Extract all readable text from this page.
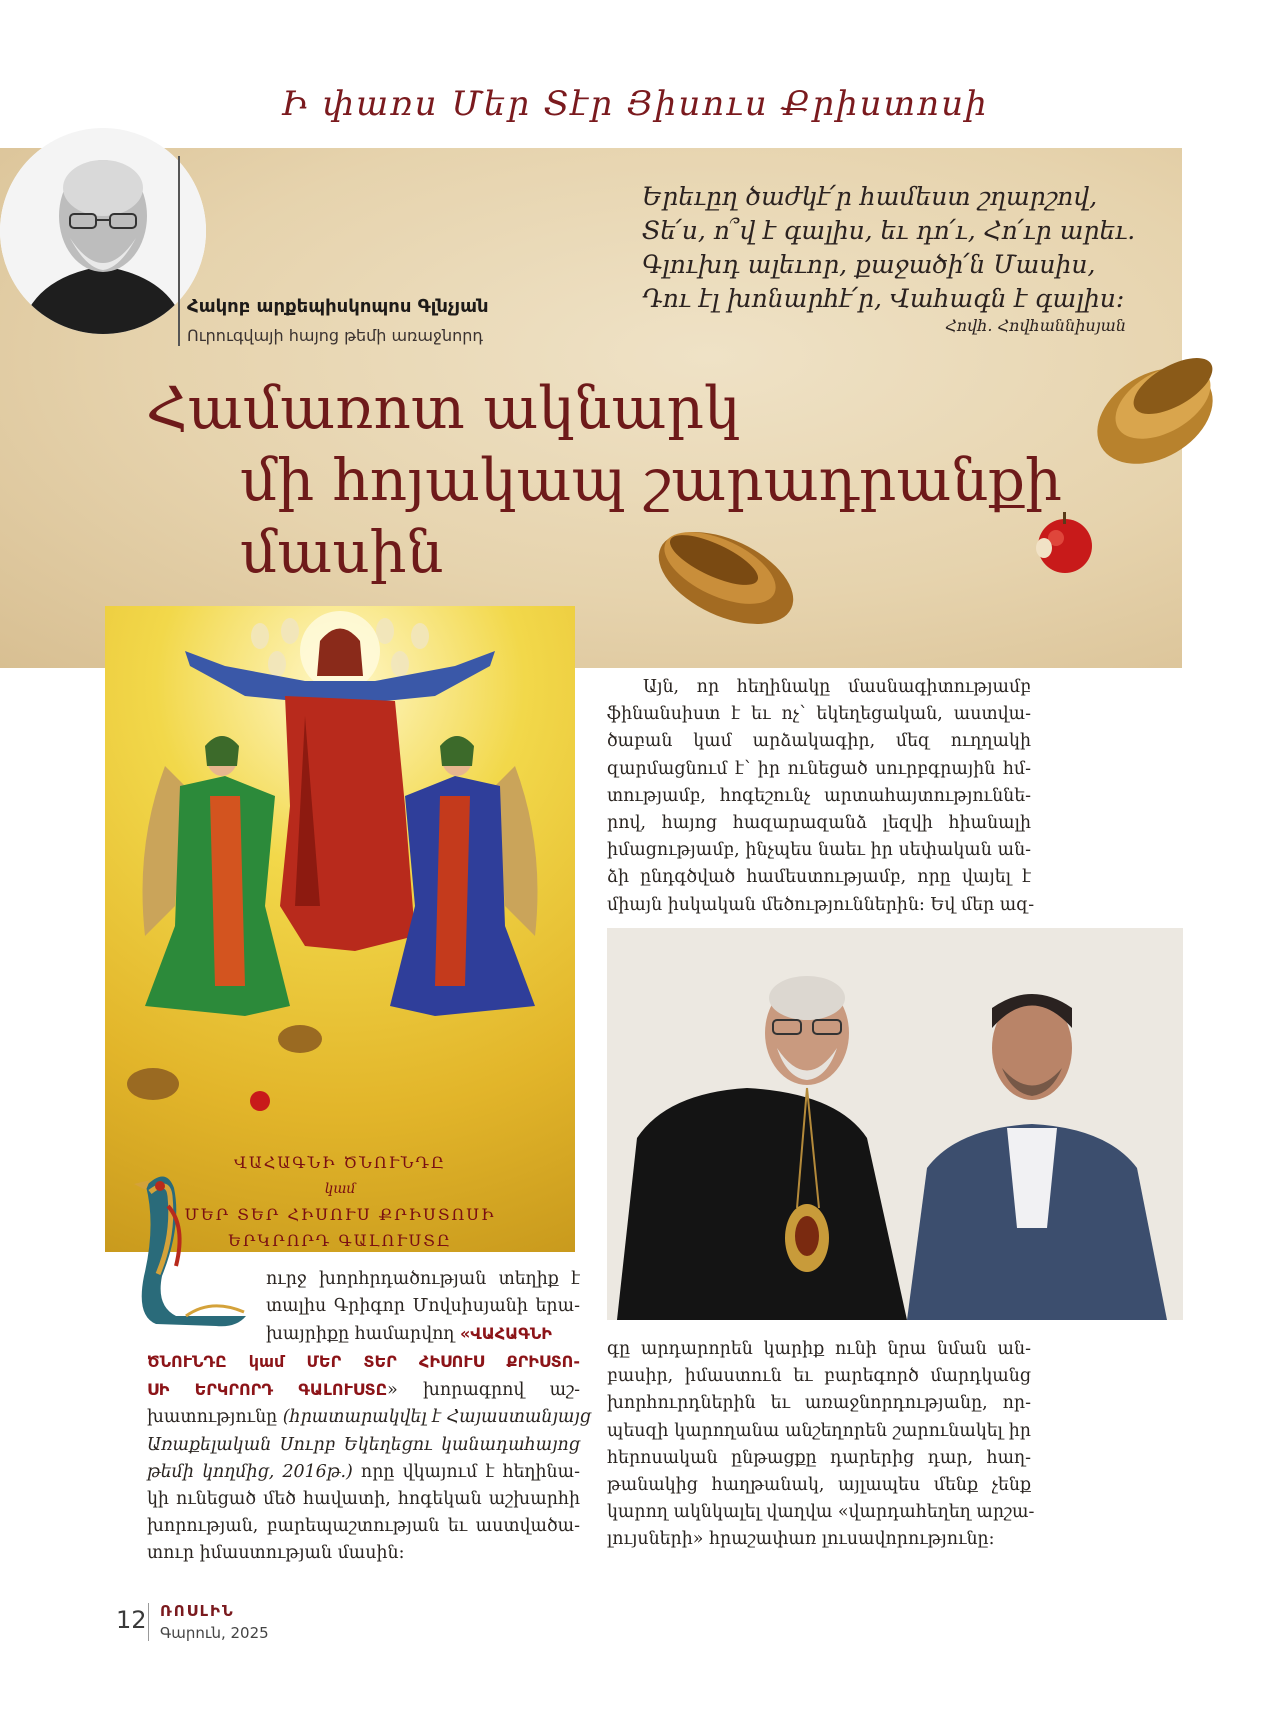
Ի փառս Մեր Տէր Յիսուս Քրիստոսի
Հակոբ արքեպիսկոպոս Գլնչյան
Ուրուգվայի հայոց թեմի առաջնորդ
Երեւըղ ծաժկէ՛ր համեստ շղարշով,
Տե՛ս, ո՞վ է գալիս, եւ դո՛ւ, Հո՛ւր արեւ.
Գլուխդ ալեւոր, քաջածի՛ն Մասիս,
Դու էլ խոնարհէ՛ր, Վահագն է գալիս:
Հովհ. Հովհաննիսյան
Համառոտ ակնարկ
մի հոյակապ շարադրանքի
մասին
ՎԱՀԱԳՆԻ ԾՆՈՒՆԴԸ
կամ
ՄԵՐ ՏԵՐ ՀԻՍՈՒՍ ՔՐԻՍՏՈՍԻ
ԵՐԿՐՈՐԴ ԳԱԼՈՒՍՏԸ
Այն, որ հեղինակը մասնագիտությամբ
ֆինանսիստ է եւ ոչ՝ եկեղեցական, աստվա-
ծաբան կամ արձակագիր, մեզ ուղղակի
զարմացնում է՝ իր ունեցած սուրբգրային հմ-
տությամբ, հոգեշունչ արտահայտություննե-
րով, հայոց հազարազանձ լեզվի հիանալի
իմացությամբ, ինչպես նաեւ իր սեփական ան-
ձի ընդգծված համեստությամբ, որը վայել է
միայն իսկական մեծություններին: Եվ մեր ազ-
ուրջ խորհրդածության տեղիք է
տալիս Գրիգոր Մովսիսյանի երա-
խայրիքը համարվող «ՎԱՀԱԳՆԻ
ԾՆՈՒՆԴԸ կամ ՄԵՐ ՏԵՐ ՀԻՍՈՒՍ ՔՐԻՍՏՈ-
ՍԻ ԵՐԿՐՈՐԴ ԳԱԼՈՒՍՏԸ» խորագրով աշ-
խատությունը (հրատարակվել է Հայաստանյայց
Առաքելական Սուրբ Եկեղեցու կանադահայոց
թեմի կողմից, 2016թ.) որը վկայում է հեղինա-
կի ունեցած մեծ հավատի, հոգեկան աշխարհի
խորության, բարեպաշտության եւ աստվածա-
տուր իմաստության մասին:
գը արդարորեն կարիք ունի նրա նման ան-
բասիր, իմաստուն եւ բարեգործ մարդկանց
խորհուրդներին եւ առաջնորդությանը, որ-
պեսզի կարողանա անշեղորեն շարունակել իր
հերոսական ընթացքը դարերից դար, հաղ-
թանակից հաղթանակ, այլապես մենք չենք
կարող ակնկալել վաղվա «վարդահեղեղ արշա-
լույսների» հրաշափառ լուսավորությունը:
12 ՌՈՍԼԻՆ
Գարուն, 2025
